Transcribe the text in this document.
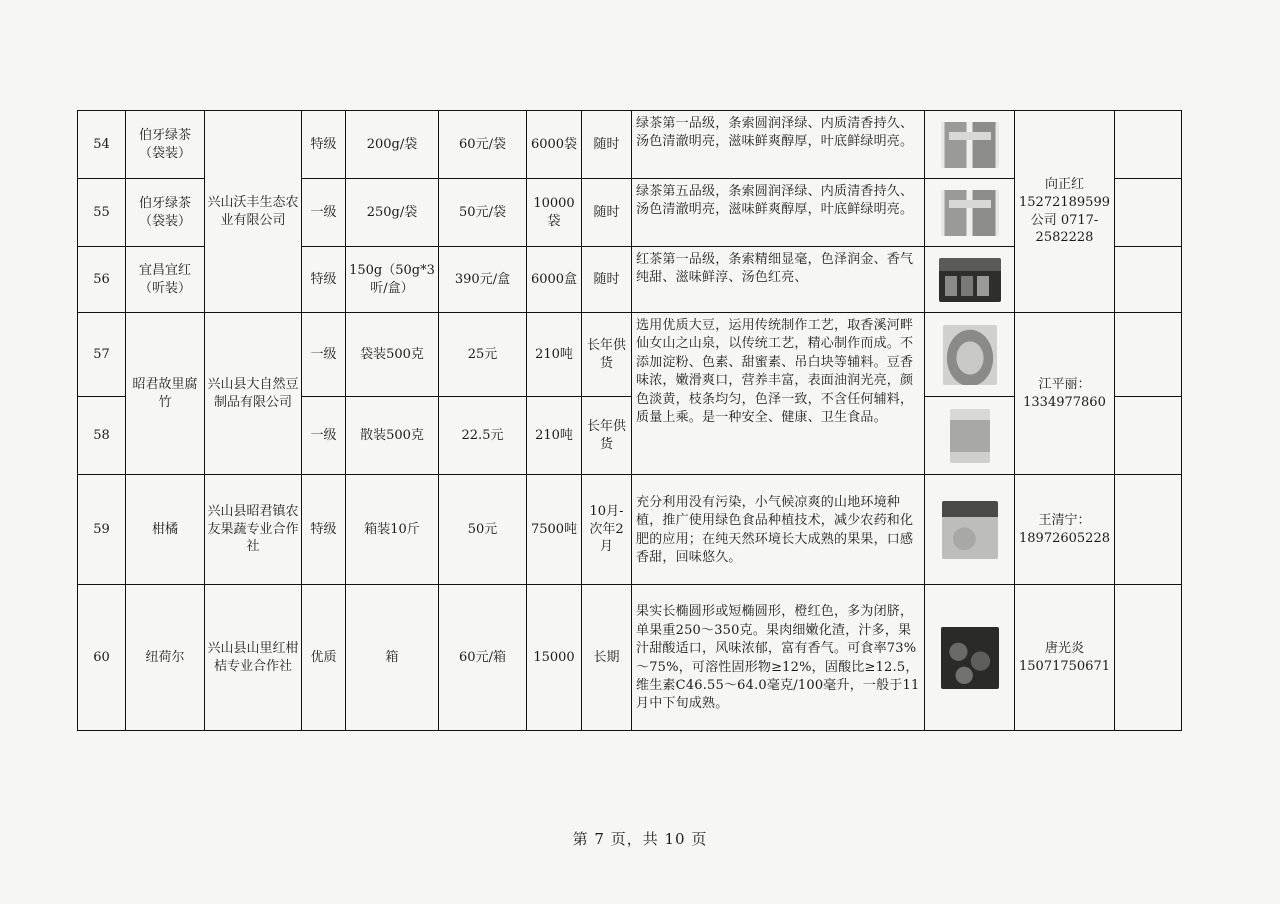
54	伯牙绿茶（袋装）	兴山沃丰生态农业有限公司	特级	200g/袋	60元/袋	6000袋	随时	绿茶第一品级，条索圆润泽绿、内质清香持久、汤色清澈明亮，滋味鲜爽醇厚，叶底鲜绿明亮。		向正红 15272189599 公司 0717-2582228	
55	伯牙绿茶（袋装）		一级	250g/袋	50元/袋	10000袋	随时	绿茶第五品级，条索圆润泽绿、内质清香持久、汤色清澈明亮，滋味鲜爽醇厚，叶底鲜绿明亮。			
56	宜昌宜红（听装）		特级	150g（50g*3听/盒）	390元/盒	6000盒	随时	红茶第一品级，条索精细显毫，色泽润金、香气纯甜、滋味鲜淳、汤色红亮、			
57	昭君故里腐竹	兴山县大自然豆制品有限公司	一级	袋装500克	25元	210吨	长年供货	选用优质大豆，运用传统制作工艺，取香溪河畔仙女山之山泉，以传统工艺，精心制作而成。不添加淀粉、色素、甜蜜素、吊白块等辅料。豆香味浓，嫩滑爽口，营养丰富，表面油润光亮，颜色淡黄，枝条均匀，色泽一致，不含任何辅料，质量上乘。是一种安全、健康、卫生食品。		江平丽：1334977860	
58			一级	散装500克	22.5元	210吨	长年供货				
59	柑橘	兴山县昭君镇农友果蔬专业合作社	特级	箱装10斤	50元	7500吨	10月-次年2月	充分利用没有污染，小气候凉爽的山地环境种植，推广使用绿色食品种植技术，减少农药和化肥的应用；在纯天然环境长大成熟的果果，口感香甜，回味悠久。		王清宁：18972605228	
60	纽荷尔	兴山县山里红柑桔专业合作社	优质	箱	60元/箱	15000	长期	果实长椭圆形或短椭圆形，橙红色，多为闭脐，单果重250～350克。果肉细嫩化渣，汁多，果汁甜酸适口，风味浓郁，富有香气。可食率73%～75%，可溶性固形物≥12%，固酸比≥12.5，维生素C46.55～64.0毫克/100毫升，一般于11月中下旬成熟。		唐光炎 15071750671	
第 7 页，共 10 页
